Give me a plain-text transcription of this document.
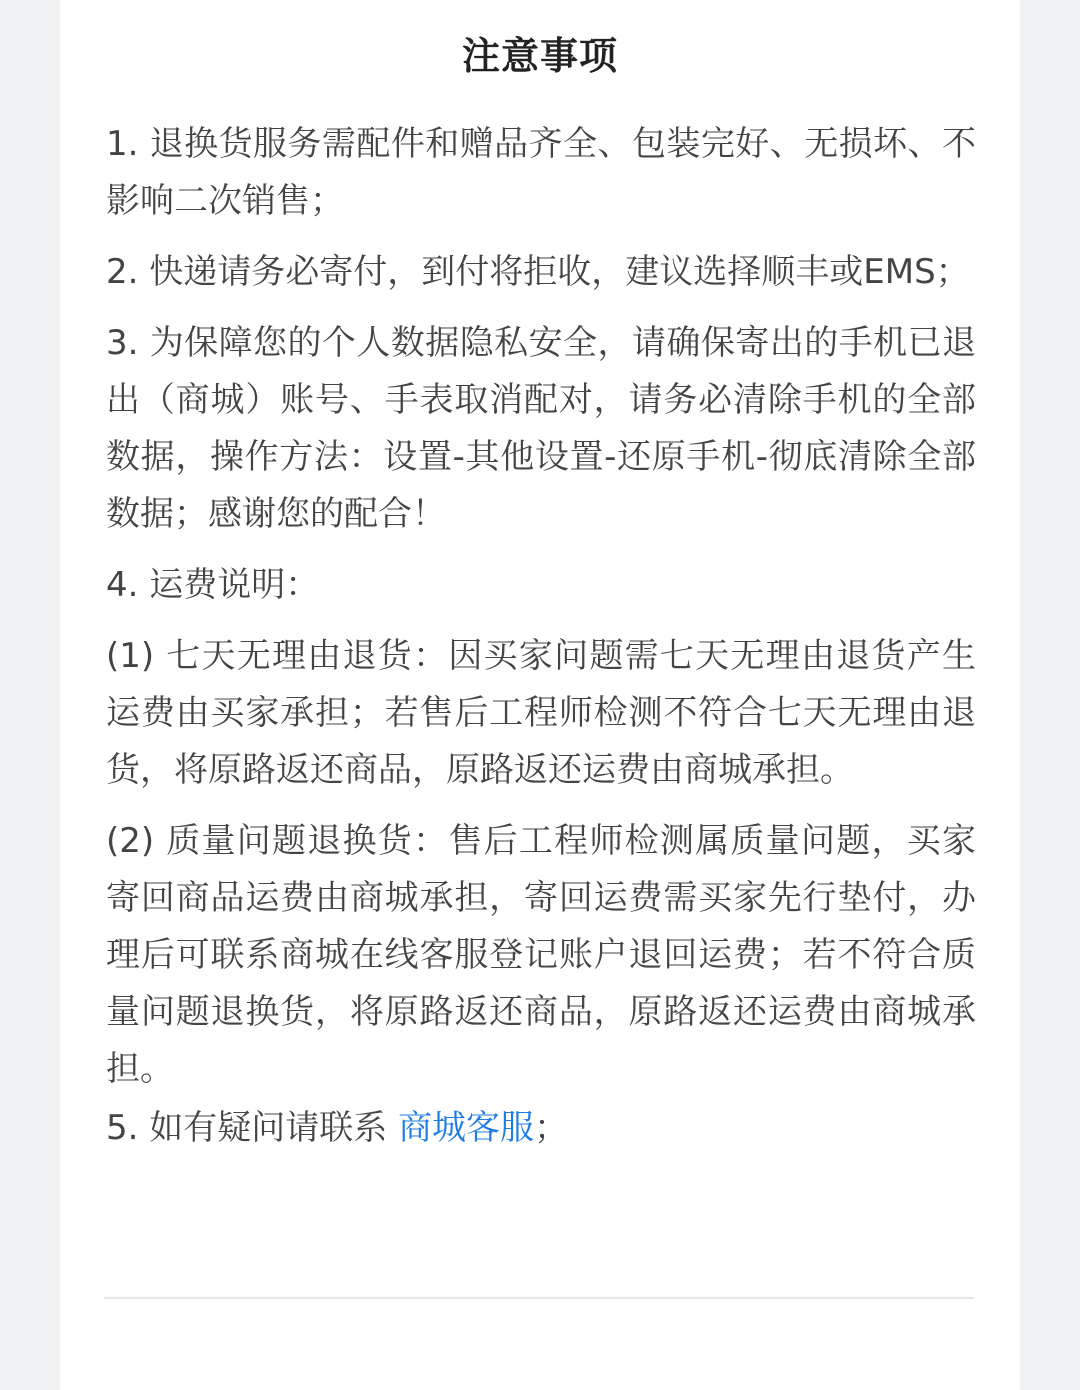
注意事项

1. 退换货服务需配件和赠品齐全、包装完好、无损坏、不影响二次销售；

2. 快递请务必寄付，到付将拒收，建议选择顺丰或EMS；

3. 为保障您的个人数据隐私安全，请确保寄出的手机已退出（商城）账号、手表取消配对，请务必清除手机的全部数据，操作方法：设置-其他设置-还原手机-彻底清除全部数据；感谢您的配合！

4. 运费说明：

(1) 七天无理由退货：因买家问题需七天无理由退货产生运费由买家承担；若售后工程师检测不符合七天无理由退货，将原路返还商品，原路返还运费由商城承担。

(2) 质量问题退换货：售后工程师检测属质量问题，买家寄回商品运费由商城承担，寄回运费需买家先行垫付，办理后可联系商城在线客服登记账户退回运费；若不符合质量问题退换货，将原路返还商品，原路返还运费由商城承担。

5. 如有疑问请联系 商城客服；
